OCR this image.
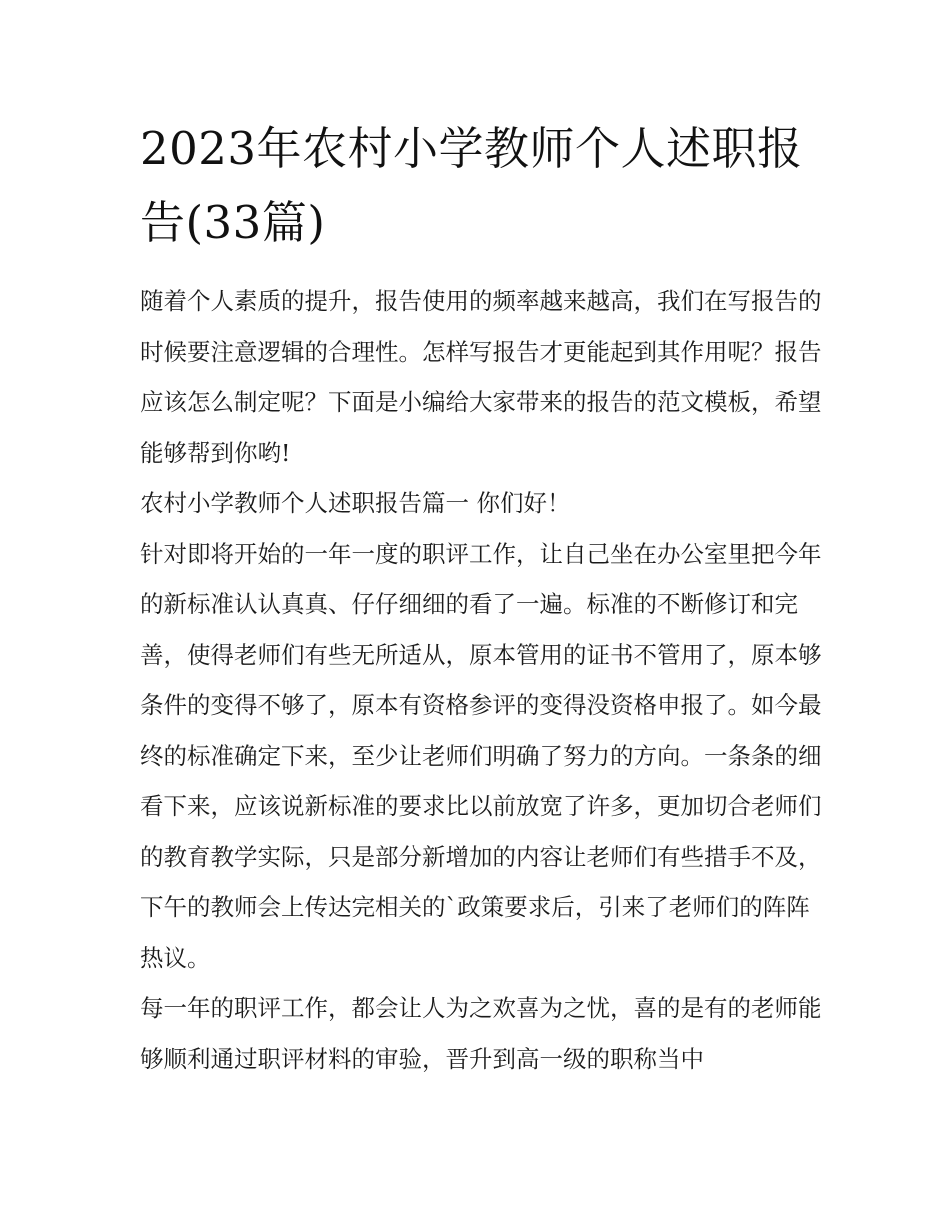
2023年农村小学教师个人述职报告(33篇)

随着个人素质的提升，报告使用的频率越来越高，我们在写报告的时候要注意逻辑的合理性。怎样写报告才更能起到其作用呢？报告应该怎么制定呢？下面是小编给大家带来的报告的范文模板，希望能够帮到你哟!

农村小学教师个人述职报告篇一 你们好！

针对即将开始的一年一度的职评工作，让自己坐在办公室里把今年的新标准认认真真、仔仔细细的看了一遍。标准的不断修订和完善，使得老师们有些无所适从，原本管用的证书不管用了，原本够条件的变得不够了，原本有资格参评的变得没资格申报了。如今最终的标准确定下来，至少让老师们明确了努力的方向。一条条的细看下来，应该说新标准的要求比以前放宽了许多，更加切合老师们的教育教学实际，只是部分新增加的内容让老师们有些措手不及，下午的教师会上传达完相关的`政策要求后，引来了老师们的阵阵热议。

每一年的职评工作，都会让人为之欢喜为之忧，喜的是有的老师能够顺利通过职评材料的审验，晋升到高一级的职称当中
